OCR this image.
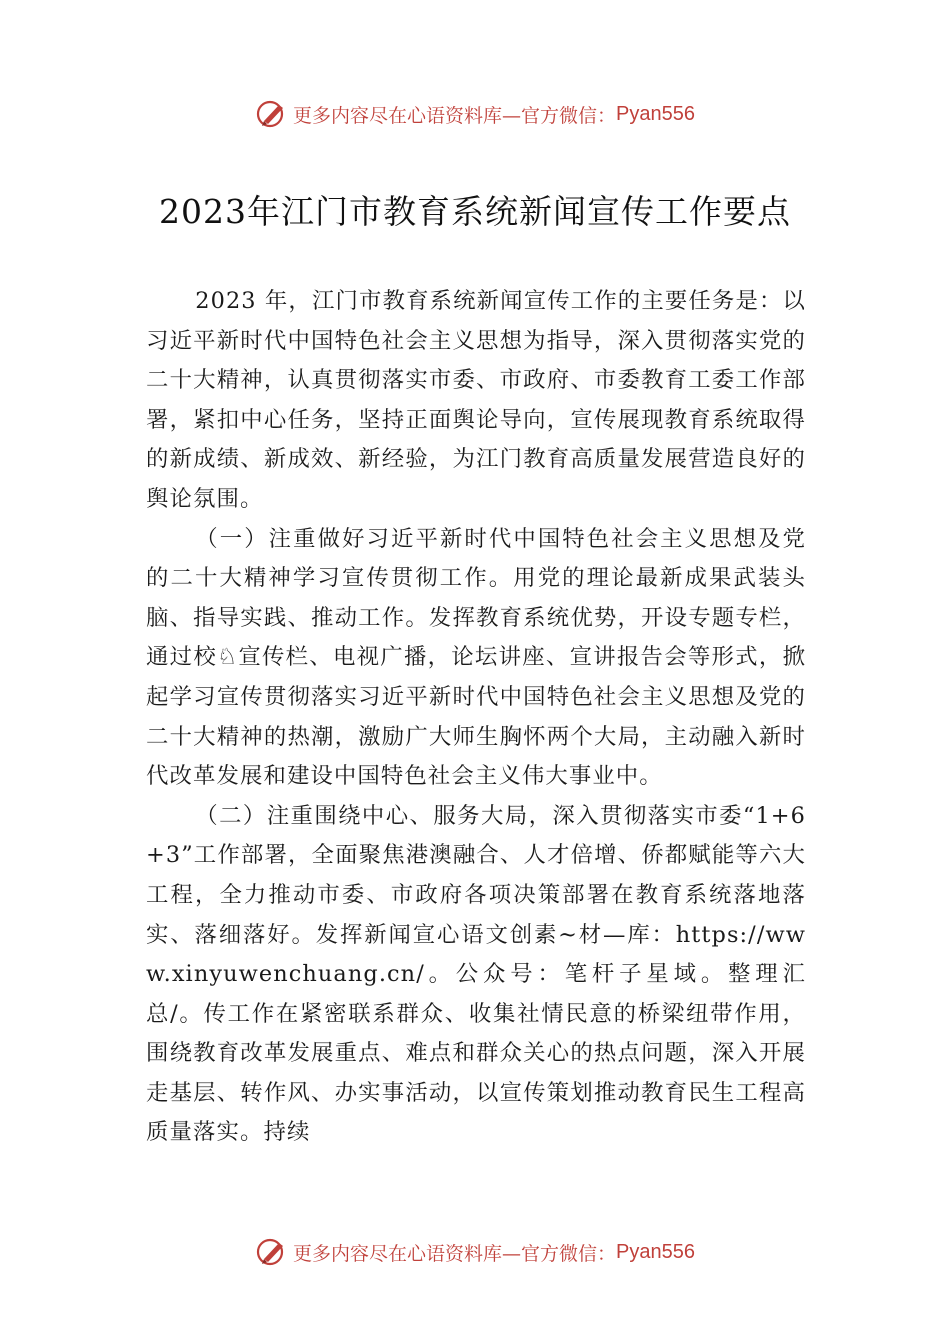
更多内容尽在心语资料库—官方微信： Pyan556
2023年江门市教育系统新闻宣传工作要点

2023 年，江门市教育系统新闻宣传工作的主要任务是：以习近平新时代中国特色社会主义思想为指导，深入贯彻落实党的二十大精神，认真贯彻落实市委、市政府、市委教育工委工作部署，紧扣中心任务，坚持正面舆论导向，宣传展现教育系统取得的新成绩、新成效、新经验，为江门教育高质量发展营造良好的舆论氛围。

（一）注重做好习近平新时代中国特色社会主义思想及党的二十大精神学习宣传贯彻工作。用党的理论最新成果武装头脑、指导实践、推动工作。发挥教育系统优势，开设专题专栏，通过校♘宣传栏、电视广播，论坛讲座、宣讲报告会等形式，掀起学习宣传贯彻落实习近平新时代中国特色社会主义思想及党的二十大精神的热潮，激励广大师生胸怀两个大局，主动融入新时代改革发展和建设中国特色社会主义伟大事业中。

（二）注重围绕中心、服务大局，深入贯彻落实市委“1+6+3”工作部署，全面聚焦港澳融合、人才倍增、侨都赋能等六大工程，全力推动市委、市政府各项决策部署在教育系统落地落实、落细落好。发挥新闻宣心语文创素~材—库：https://www.xinyuwenchuang.cn/。公众号：笔杆子星域。整理汇总/。传工作在紧密联系群众、收集社情民意的桥梁纽带作用，围绕教育改革发展重点、难点和群众关心的热点问题，深入开展走基层、转作风、办实事活动，以宣传策划推动教育民生工程高质量落实。持续

更多内容尽在心语资料库—官方微信： Pyan556
